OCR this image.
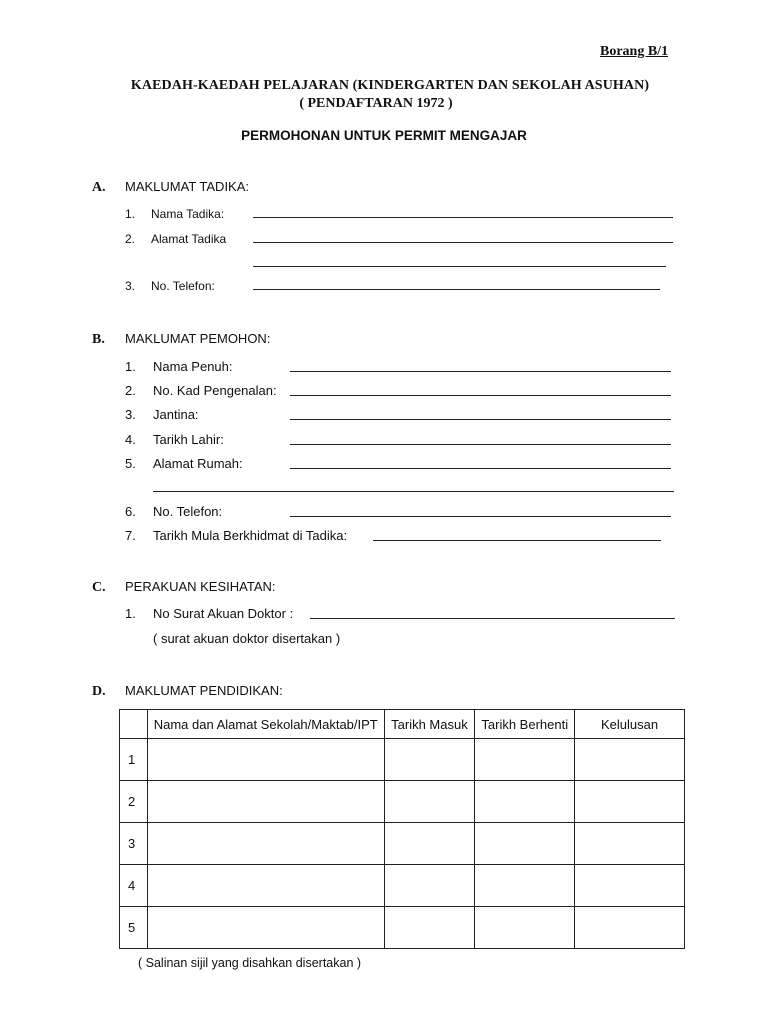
Borang B/1
KAEDAH-KAEDAH PELAJARAN (KINDERGARTEN DAN SEKOLAH ASUHAN)
( PENDAFTARAN 1972 )
PERMOHONAN UNTUK PERMIT MENGAJAR
A. MAKLUMAT TADIKA:
1. Nama Tadika:
2. Alamat Tadika
3. No. Telefon:
B. MAKLUMAT PEMOHON:
1. Nama Penuh:
2. No. Kad Pengenalan:
3. Jantina:
4. Tarikh Lahir:
5. Alamat Rumah:
6. No. Telefon:
7. Tarikh Mula Berkhidmat di Tadika:
C. PERAKUAN KESIHATAN:
1. No Surat Akuan Doktor :
( surat akuan doktor disertakan )
D. MAKLUMAT PENDIDIKAN:
	Nama dan Alamat Sekolah/Maktab/IPT	Tarikh Masuk	Tarikh Berhenti	Kelulusan
1				
2				
3				
4				
5				
( Salinan sijil yang disahkan disertakan )
